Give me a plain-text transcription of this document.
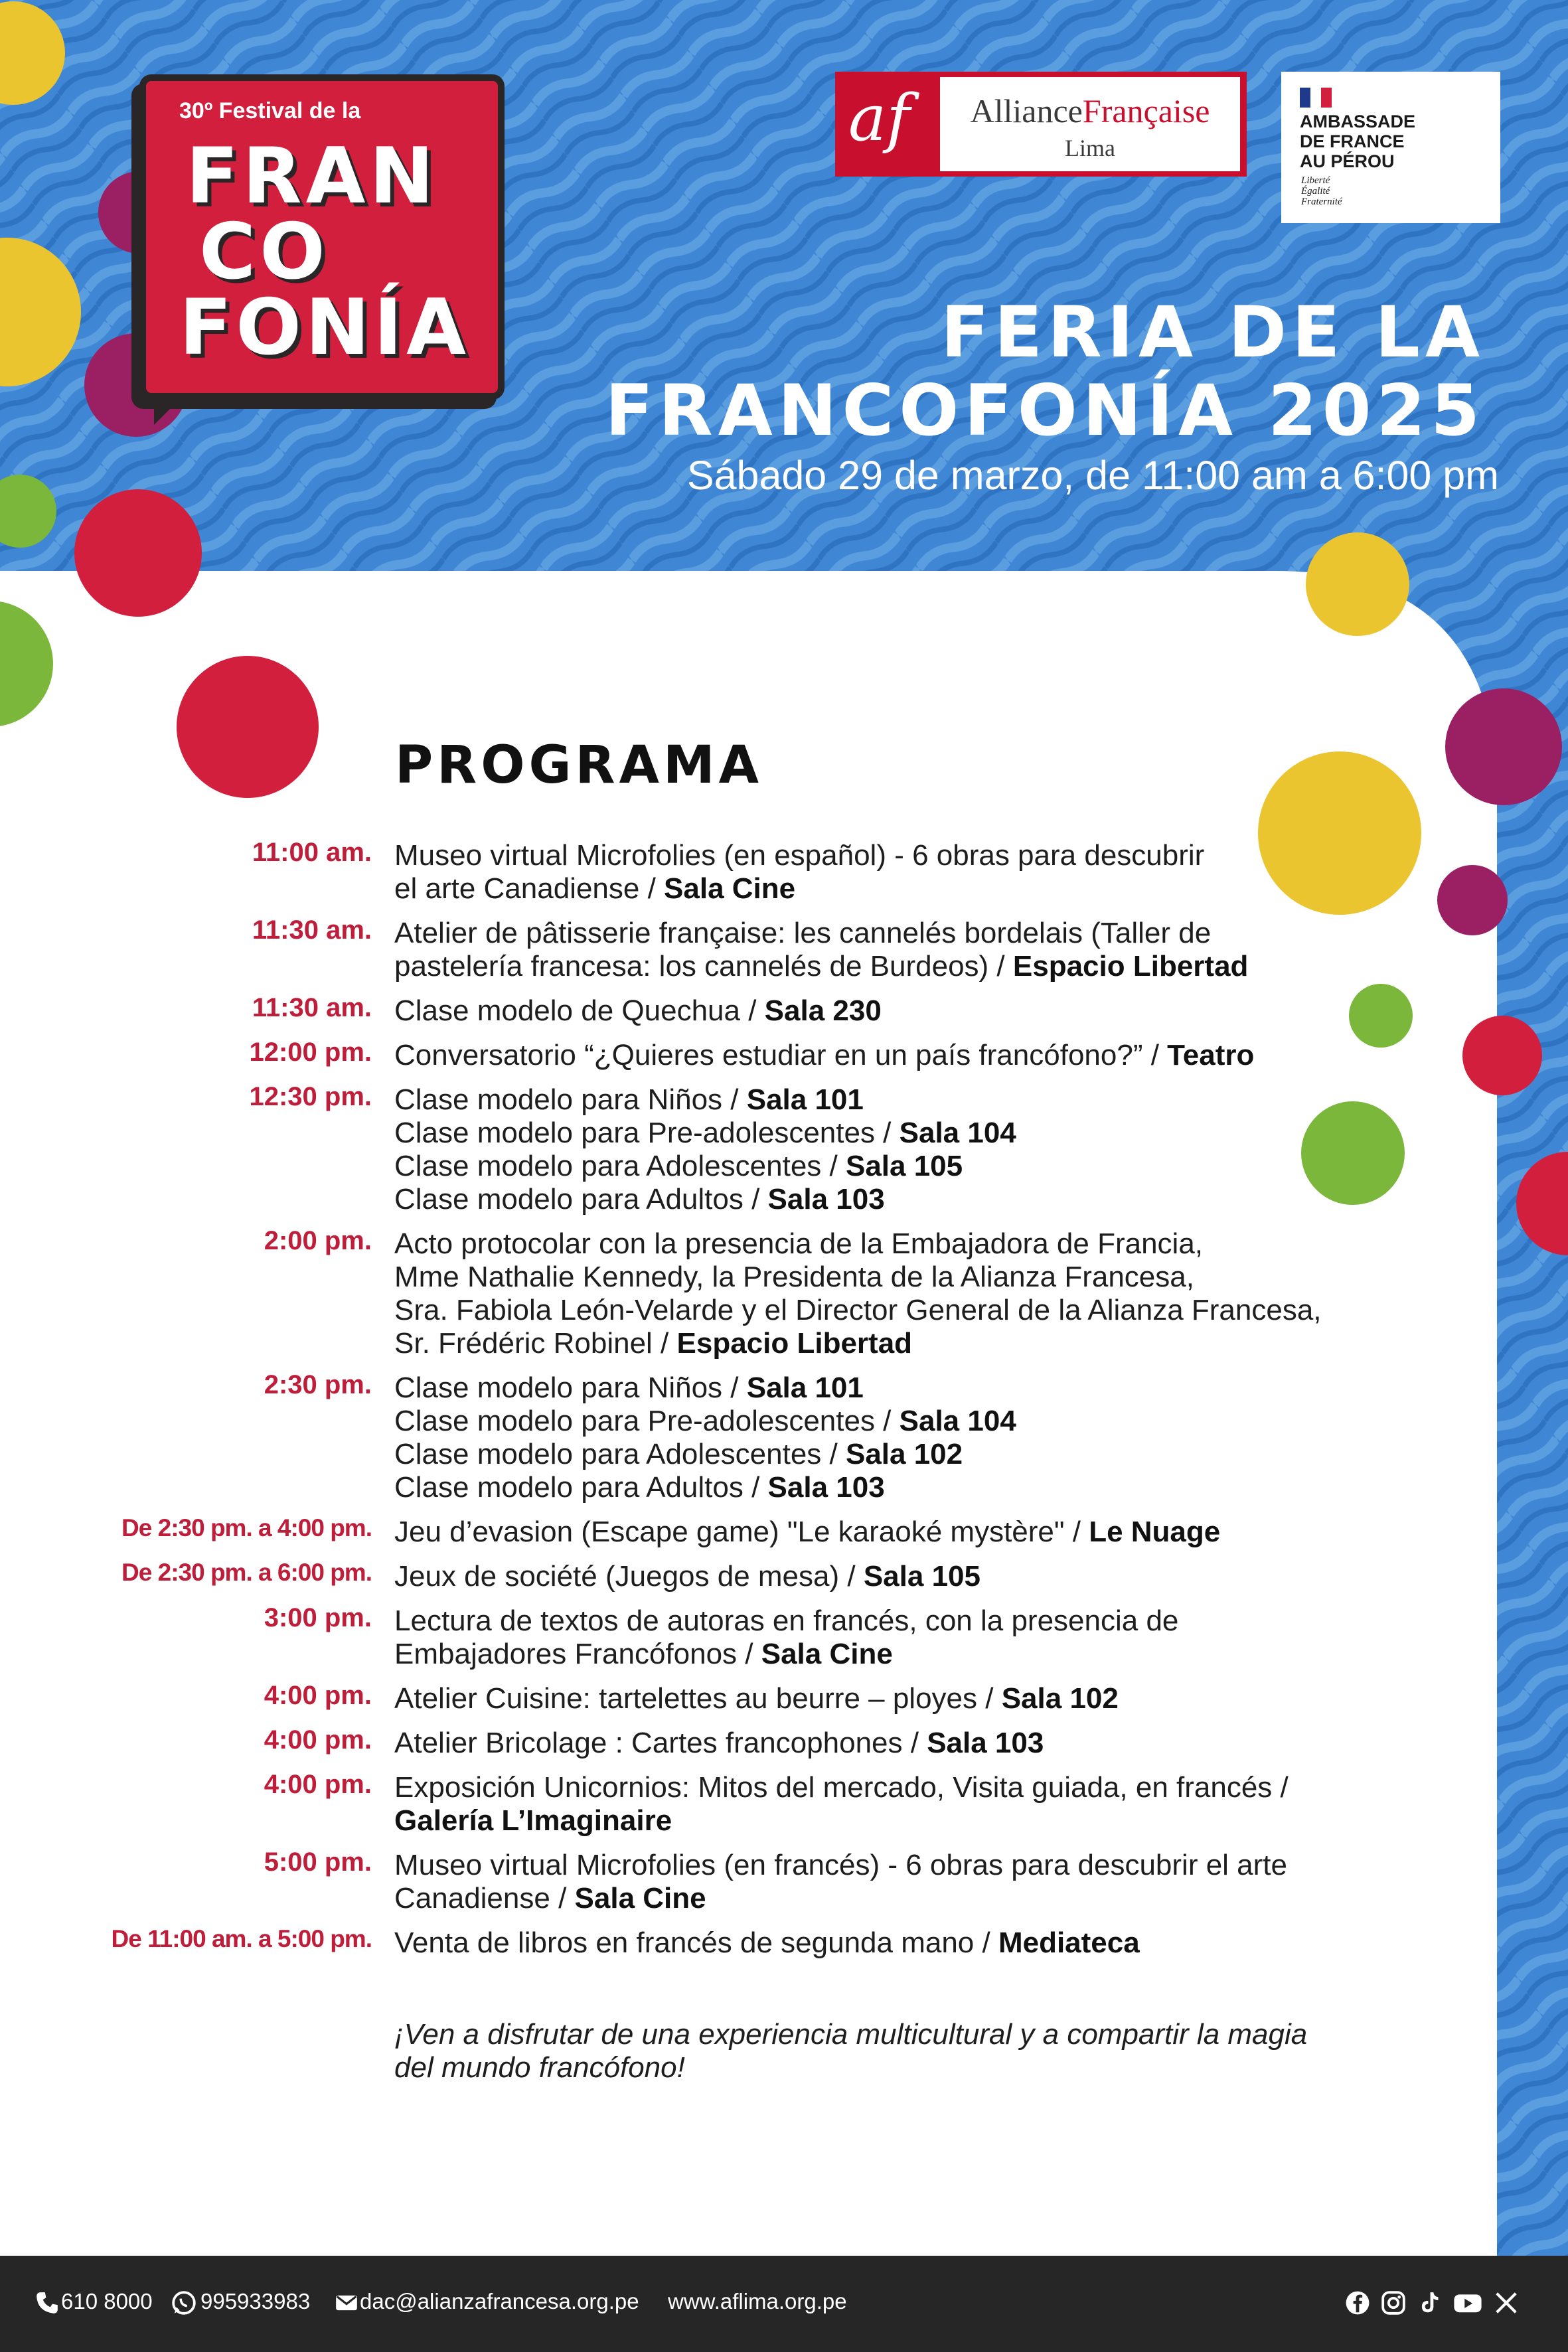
30º Festival de la
FRAN
CO
FONÍA
af	AllianceFrançaise
Lima
AMBASSADE
DE FRANCE
AU PÉROU
Liberté
Égalité
Fraternité
FERIA DE LA
FRANCOFONÍA 2025
Sábado 29 de marzo, de 11:00 am a 6:00 pm
PROGRAMA
11:00 am. Museo virtual Microfolies (en español) - 6 obras para descubrir
el arte Canadiense / Sala Cine
11:30 am. Atelier de pâtisserie française: les cannelés bordelais (Taller de
pastelería francesa: los cannelés de Burdeos) / Espacio Libertad
11:30 am. Clase modelo de Quechua / Sala 230
12:00 pm. Conversatorio “¿Quieres estudiar en un país francófono?” / Teatro
12:30 pm. Clase modelo para Niños / Sala 101
Clase modelo para Pre-adolescentes / Sala 104
Clase modelo para Adolescentes / Sala 105
Clase modelo para Adultos / Sala 103
2:00 pm. Acto protocolar con la presencia de la Embajadora de Francia,
Mme Nathalie Kennedy, la Presidenta de la Alianza Francesa,
Sra. Fabiola León-Velarde y el Director General de la Alianza Francesa,
Sr. Frédéric Robinel / Espacio Libertad
2:30 pm. Clase modelo para Niños / Sala 101
Clase modelo para Pre-adolescentes / Sala 104
Clase modelo para Adolescentes / Sala 102
Clase modelo para Adultos / Sala 103
De 2:30 pm. a 4:00 pm. Jeu d’evasion (Escape game) "Le karaoké mystère" / Le Nuage
De 2:30 pm. a 6:00 pm. Jeux de société (Juegos de mesa) / Sala 105
3:00 pm. Lectura de textos de autoras en francés, con la presencia de
Embajadores Francófonos / Sala Cine
4:00 pm. Atelier Cuisine: tartelettes au beurre – ployes / Sala 102
4:00 pm. Atelier Bricolage : Cartes francophones / Sala 103
4:00 pm. Exposición Unicornios: Mitos del mercado, Visita guiada, en francés /
Galería L’Imaginaire
5:00 pm. Museo virtual Microfolies (en francés) - 6 obras para descubrir el arte
Canadiense / Sala Cine
De 11:00 am. a 5:00 pm. Venta de libros en francés de segunda mano / Mediateca
¡Ven a disfrutar de una experiencia multicultural y a compartir la magia
del mundo francófono!
610 8000 995933983 dac@alianzafrancesa.org.pe www.aflima.org.pe
